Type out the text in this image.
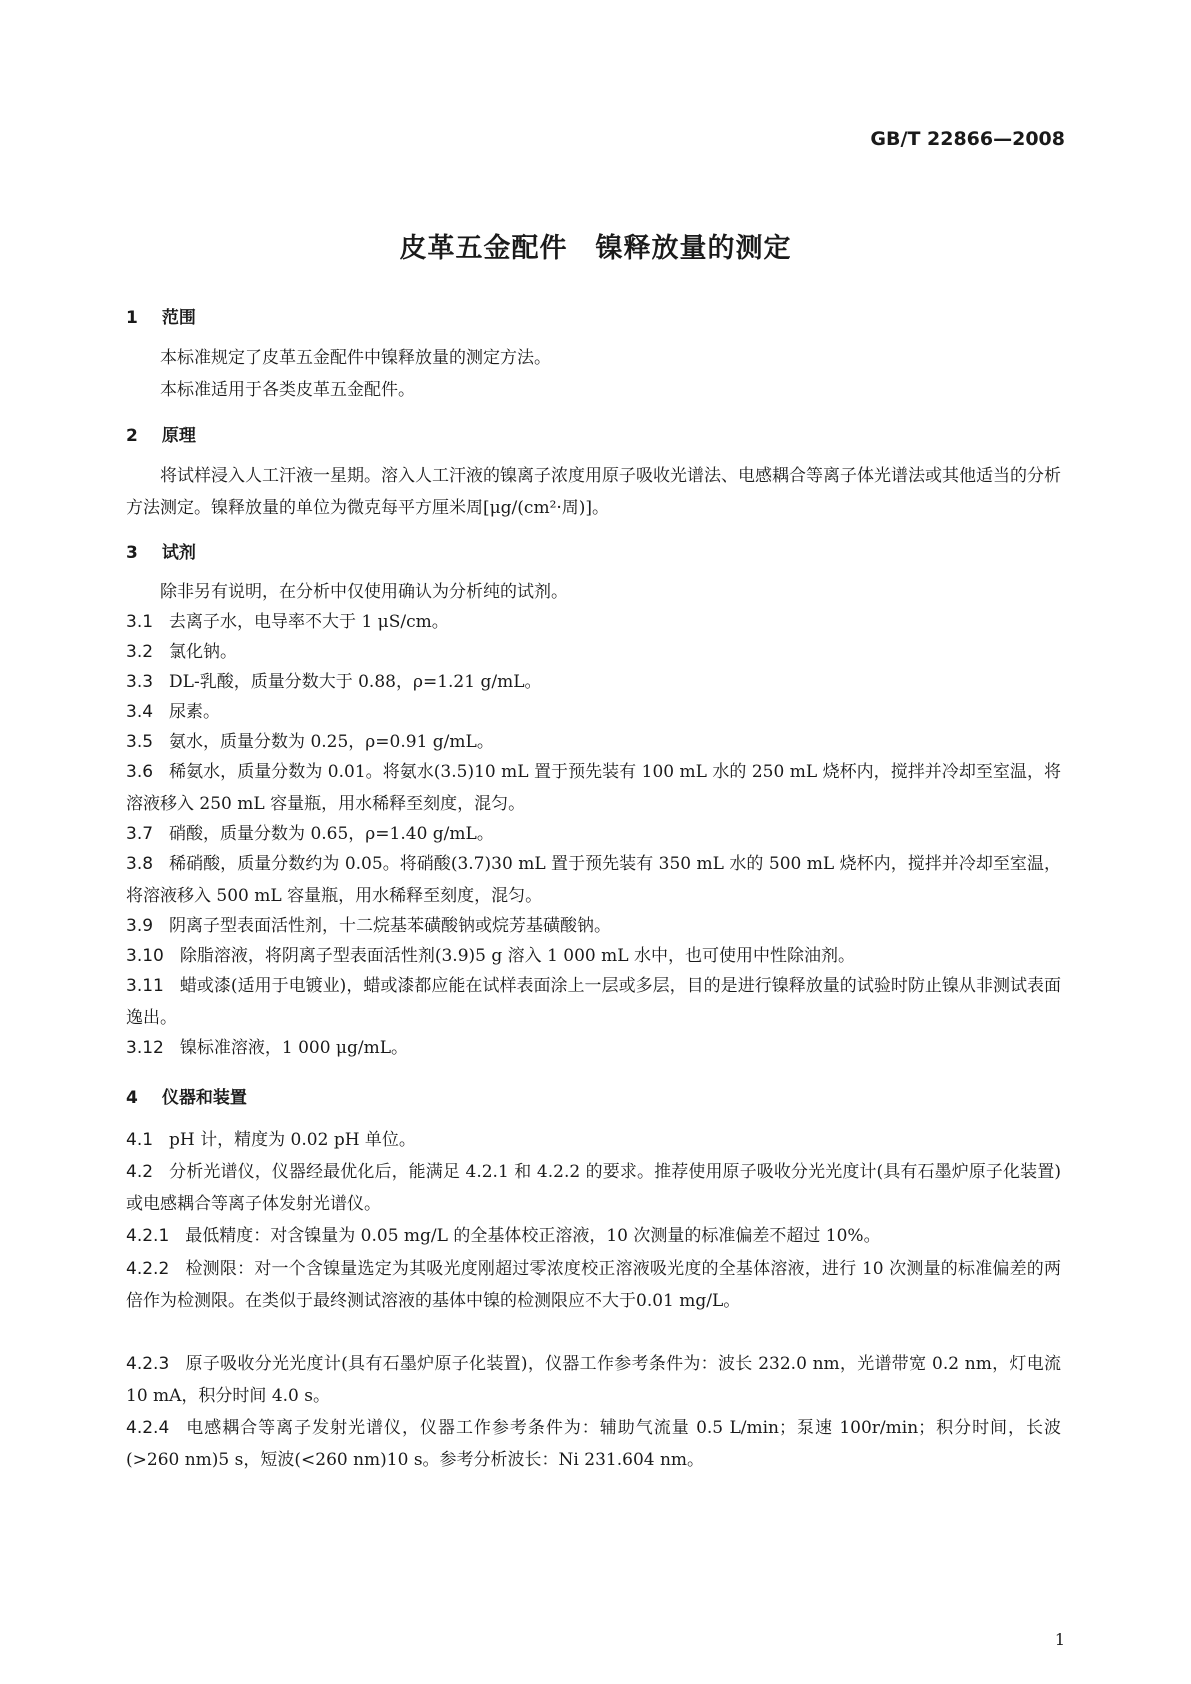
GB/T 22866—2008
皮革五金配件　镍释放量的测定
1 范围

本标准规定了皮革五金配件中镍释放量的测定方法。

本标准适用于各类皮革五金配件。

2 原理

将试样浸入人工汗液一星期。溶入人工汗液的镍离子浓度用原子吸收光谱法、电感耦合等离子体光谱法或其他适当的分析方法测定。镍释放量的单位为微克每平方厘米周[μg/(cm²·周)]。

3 试剂

除非另有说明，在分析中仅使用确认为分析纯的试剂。

3.1 去离子水，电导率不大于 1 μS/cm。

3.2 氯化钠。

3.3 DL-乳酸，质量分数大于 0.88，ρ=1.21 g/mL。

3.4 尿素。

3.5 氨水，质量分数为 0.25，ρ=0.91 g/mL。

3.6 稀氨水，质量分数为 0.01。将氨水(3.5)10 mL 置于预先装有 100 mL 水的 250 mL 烧杯内，搅拌并冷却至室温，将溶液移入 250 mL 容量瓶，用水稀释至刻度，混匀。

3.7 硝酸，质量分数为 0.65，ρ=1.40 g/mL。

3.8 稀硝酸，质量分数约为 0.05。将硝酸(3.7)30 mL 置于预先装有 350 mL 水的 500 mL 烧杯内，搅拌并冷却至室温，将溶液移入 500 mL 容量瓶，用水稀释至刻度，混匀。

3.9 阴离子型表面活性剂，十二烷基苯磺酸钠或烷芳基磺酸钠。

3.10 除脂溶液，将阴离子型表面活性剂(3.9)5 g 溶入 1 000 mL 水中，也可使用中性除油剂。

3.11 蜡或漆(适用于电镀业)，蜡或漆都应能在试样表面涂上一层或多层，目的是进行镍释放量的试验时防止镍从非测试表面逸出。

3.12 镍标准溶液，1 000 μg/mL。

4 仪器和装置

4.1 pH 计，精度为 0.02 pH 单位。

4.2 分析光谱仪，仪器经最优化后，能满足 4.2.1 和 4.2.2 的要求。推荐使用原子吸收分光光度计(具有石墨炉原子化装置)或电感耦合等离子体发射光谱仪。

4.2.1 最低精度：对含镍量为 0.05 mg/L 的全基体校正溶液，10 次测量的标准偏差不超过 10%。

4.2.2 检测限：对一个含镍量选定为其吸光度刚超过零浓度校正溶液吸光度的全基体溶液，进行 10 次测量的标准偏差的两倍作为检测限。在类似于最终测试溶液的基体中镍的检测限应不大于0.01 mg/L。

4.2.3 原子吸收分光光度计(具有石墨炉原子化装置)，仪器工作参考条件为：波长 232.0 nm，光谱带宽 0.2 nm，灯电流 10 mA，积分时间 4.0 s。

4.2.4 电感耦合等离子发射光谱仪，仪器工作参考条件为：辅助气流量 0.5 L/min；泵速 100r/min；积分时间，长波(>260 nm)5 s，短波(<260 nm)10 s。参考分析波长：Ni 231.604 nm。

1
